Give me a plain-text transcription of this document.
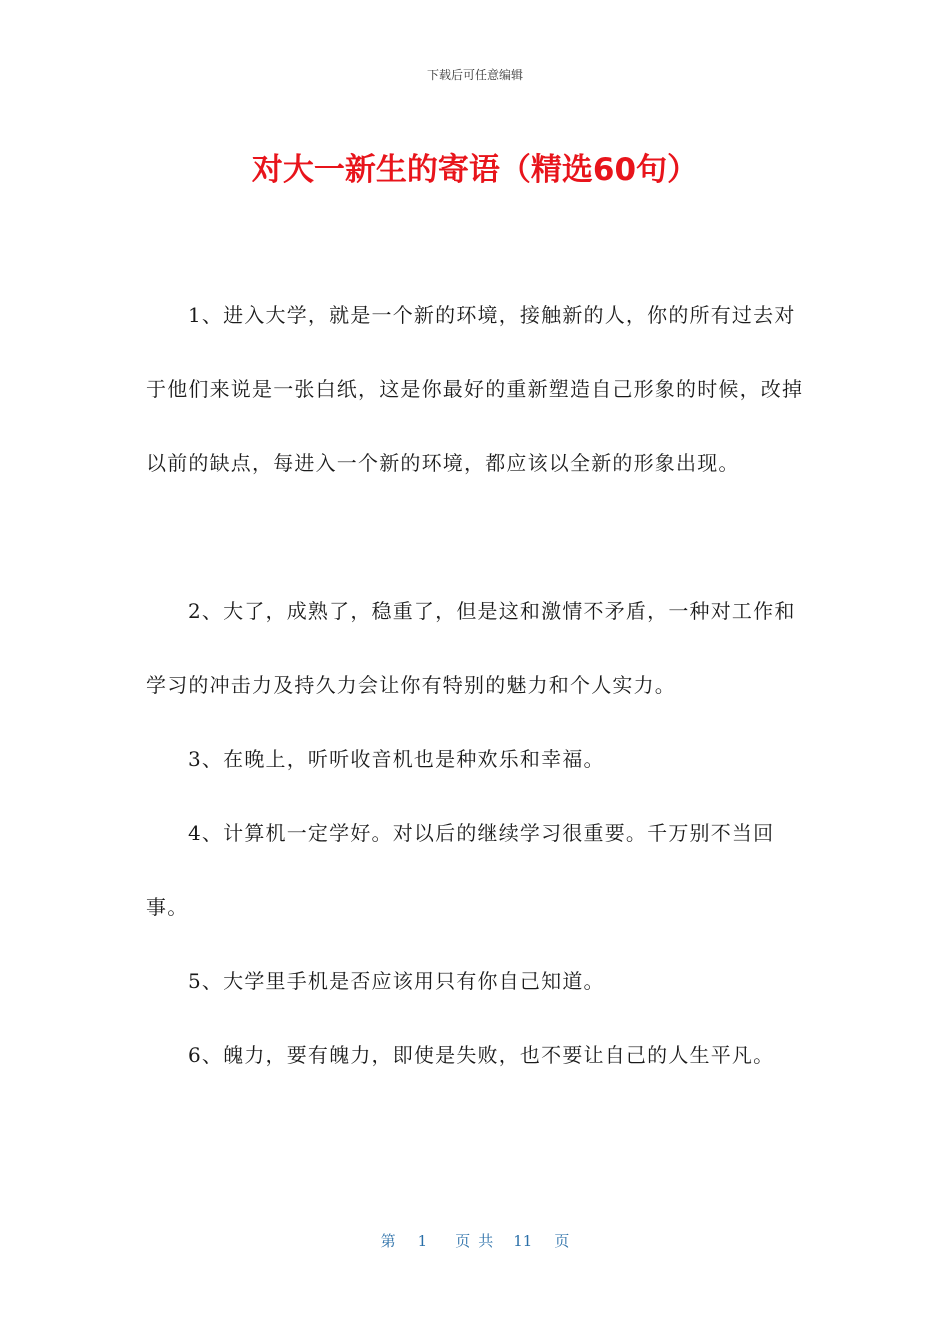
下载后可任意编辑
对大一新生的寄语（精选60句）

1、进入大学，就是一个新的环境，接触新的人，你的所有过去对于他们来说是一张白纸，这是你最好的重新塑造自己形象的时候，改掉以前的缺点，每进入一个新的环境，都应该以全新的形象出现。

2、大了，成熟了，稳重了，但是这和激情不矛盾，一种对工作和学习的冲击力及持久力会让你有特别的魅力和个人实力。

3、在晚上，听听收音机也是种欢乐和幸福。

4、计算机一定学好。对以后的继续学习很重要。千万别不当回事。

5、大学里手机是否应该用只有你自己知道。

6、魄力，要有魄力，即使是失败，也不要让自己的人生平凡。

第 1 页 共 11 页
